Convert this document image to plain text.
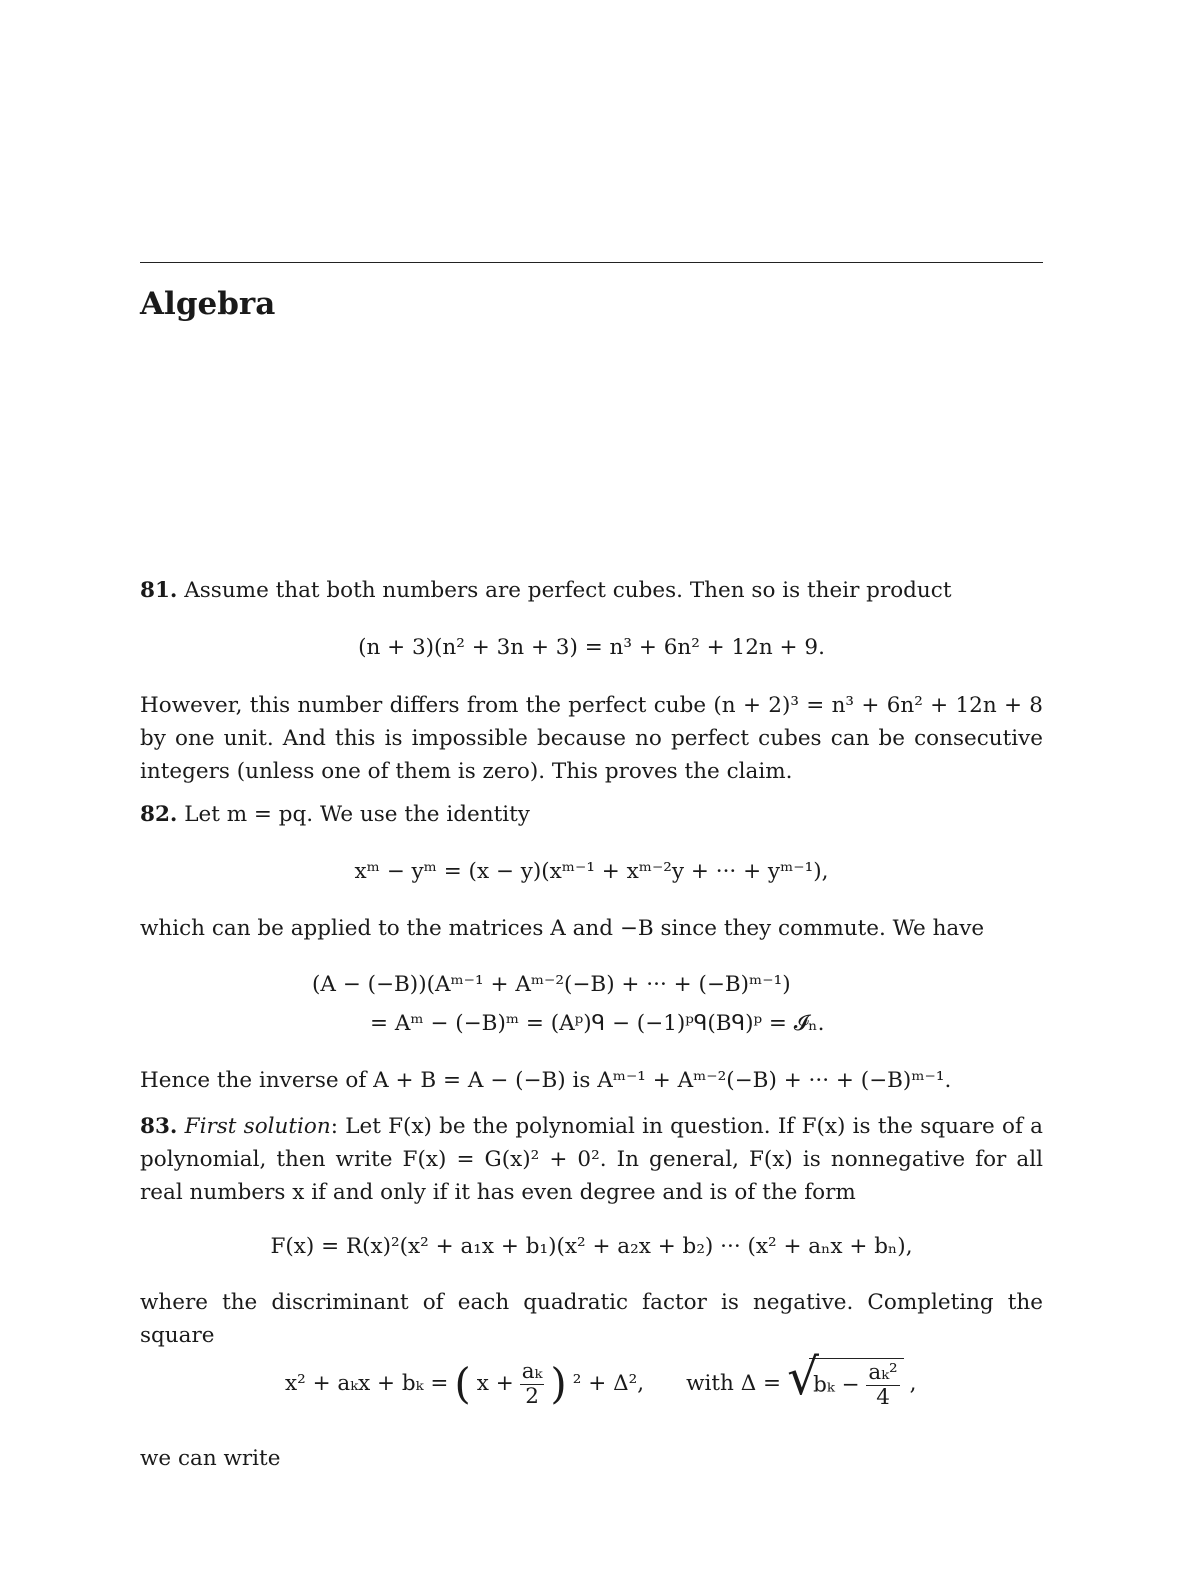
Algebra
81. Assume that both numbers are perfect cubes. Then so is their product
(n + 3)(n² + 3n + 3) = n³ + 6n² + 12n + 9.
However, this number differs from the perfect cube (n + 2)³ = n³ + 6n² + 12n + 8 by one unit. And this is impossible because no perfect cubes can be consecutive integers (unless one of them is zero). This proves the claim.
82. Let m = pq. We use the identity
xᵐ − yᵐ = (x − y)(xᵐ⁻¹ + xᵐ⁻²y + ··· + yᵐ⁻¹),
which can be applied to the matrices A and −B since they commute. We have
(A − (−B))(Aᵐ⁻¹ + Aᵐ⁻²(−B) + ··· + (−B)ᵐ⁻¹)
= Aᵐ − (−B)ᵐ = (Aᵖ)ᑫ − (−1)ᵖᑫ(Bᑫ)ᵖ = 𝓘ₙ.
Hence the inverse of A + B = A − (−B) is Aᵐ⁻¹ + Aᵐ⁻²(−B) + ··· + (−B)ᵐ⁻¹.
83. First solution: Let F(x) be the polynomial in question. If F(x) is the square of a polynomial, then write F(x) = G(x)² + 0². In general, F(x) is nonnegative for all real numbers x if and only if it has even degree and is of the form
F(x) = R(x)²(x² + a₁x + b₁)(x² + a₂x + b₂) ··· (x² + aₙx + bₙ),
where the discriminant of each quadratic factor is negative. Completing the square
x² + aₖx + bₖ = ( $x + \frac{\text{aₖ}}{2}$ ) ² + Δ², with Δ = √
$b_k - \frac{\text{aₖ²}}{4}$ ,
we can write
